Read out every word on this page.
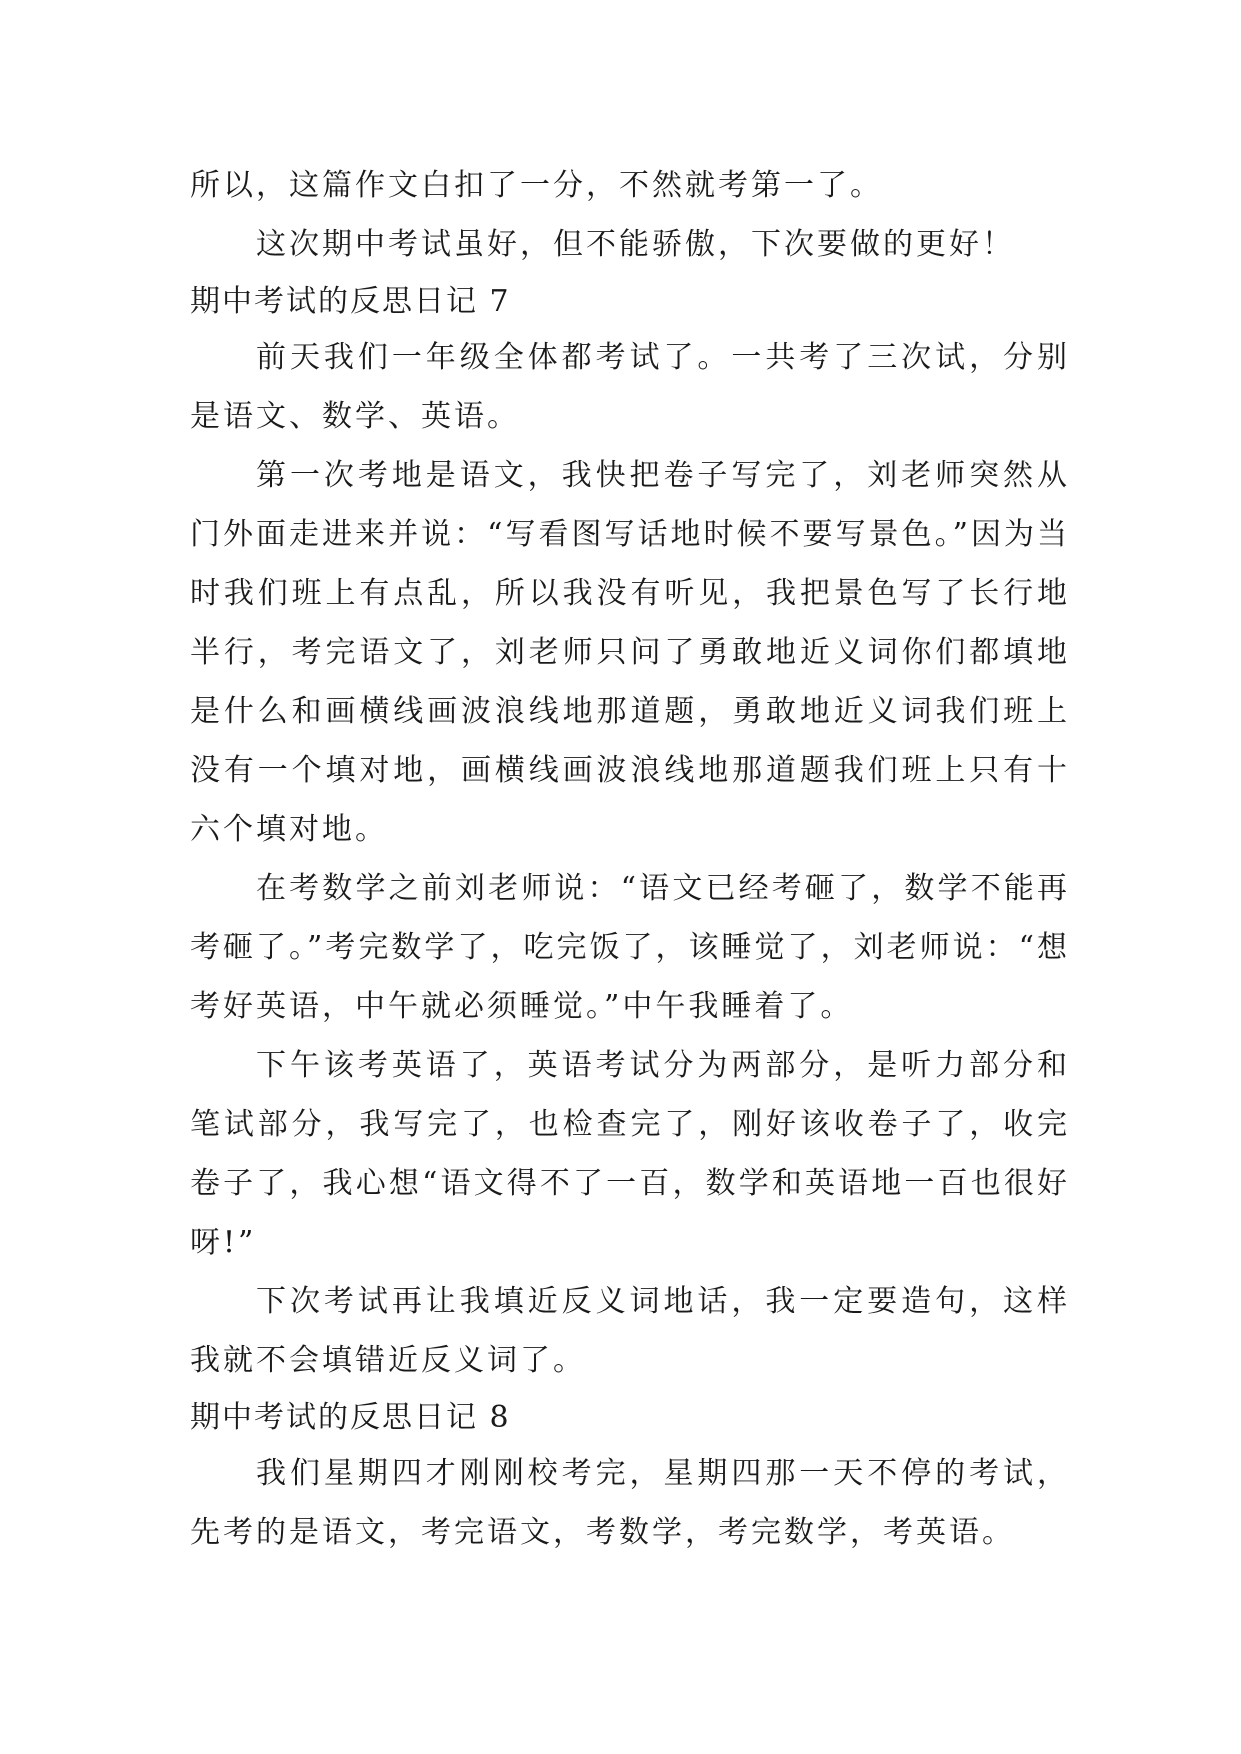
所以，这篇作文白扣了一分，不然就考第一了。

这次期中考试虽好，但不能骄傲，下次要做的更好！

期中考试的反思日记 7

前天我们一年级全体都考试了。一共考了三次试，分别是语文、数学、英语。

第一次考地是语文，我快把卷子写完了，刘老师突然从门外面走进来并说：“写看图写话地时候不要写景色。”因为当时我们班上有点乱，所以我没有听见，我把景色写了长行地半行，考完语文了，刘老师只问了勇敢地近义词你们都填地是什么和画横线画波浪线地那道题，勇敢地近义词我们班上没有一个填对地，画横线画波浪线地那道题我们班上只有十六个填对地。

在考数学之前刘老师说：“语文已经考砸了，数学不能再考砸了。”考完数学了，吃完饭了，该睡觉了，刘老师说：“想考好英语，中午就必须睡觉。”中午我睡着了。

下午该考英语了，英语考试分为两部分，是听力部分和笔试部分，我写完了，也检查完了，刚好该收卷子了，收完卷子了，我心想“语文得不了一百，数学和英语地一百也很好呀!”

下次考试再让我填近反义词地话，我一定要造句，这样我就不会填错近反义词了。

期中考试的反思日记 8

我们星期四才刚刚校考完，星期四那一天不停的考试，先考的是语文，考完语文，考数学，考完数学，考英语。
